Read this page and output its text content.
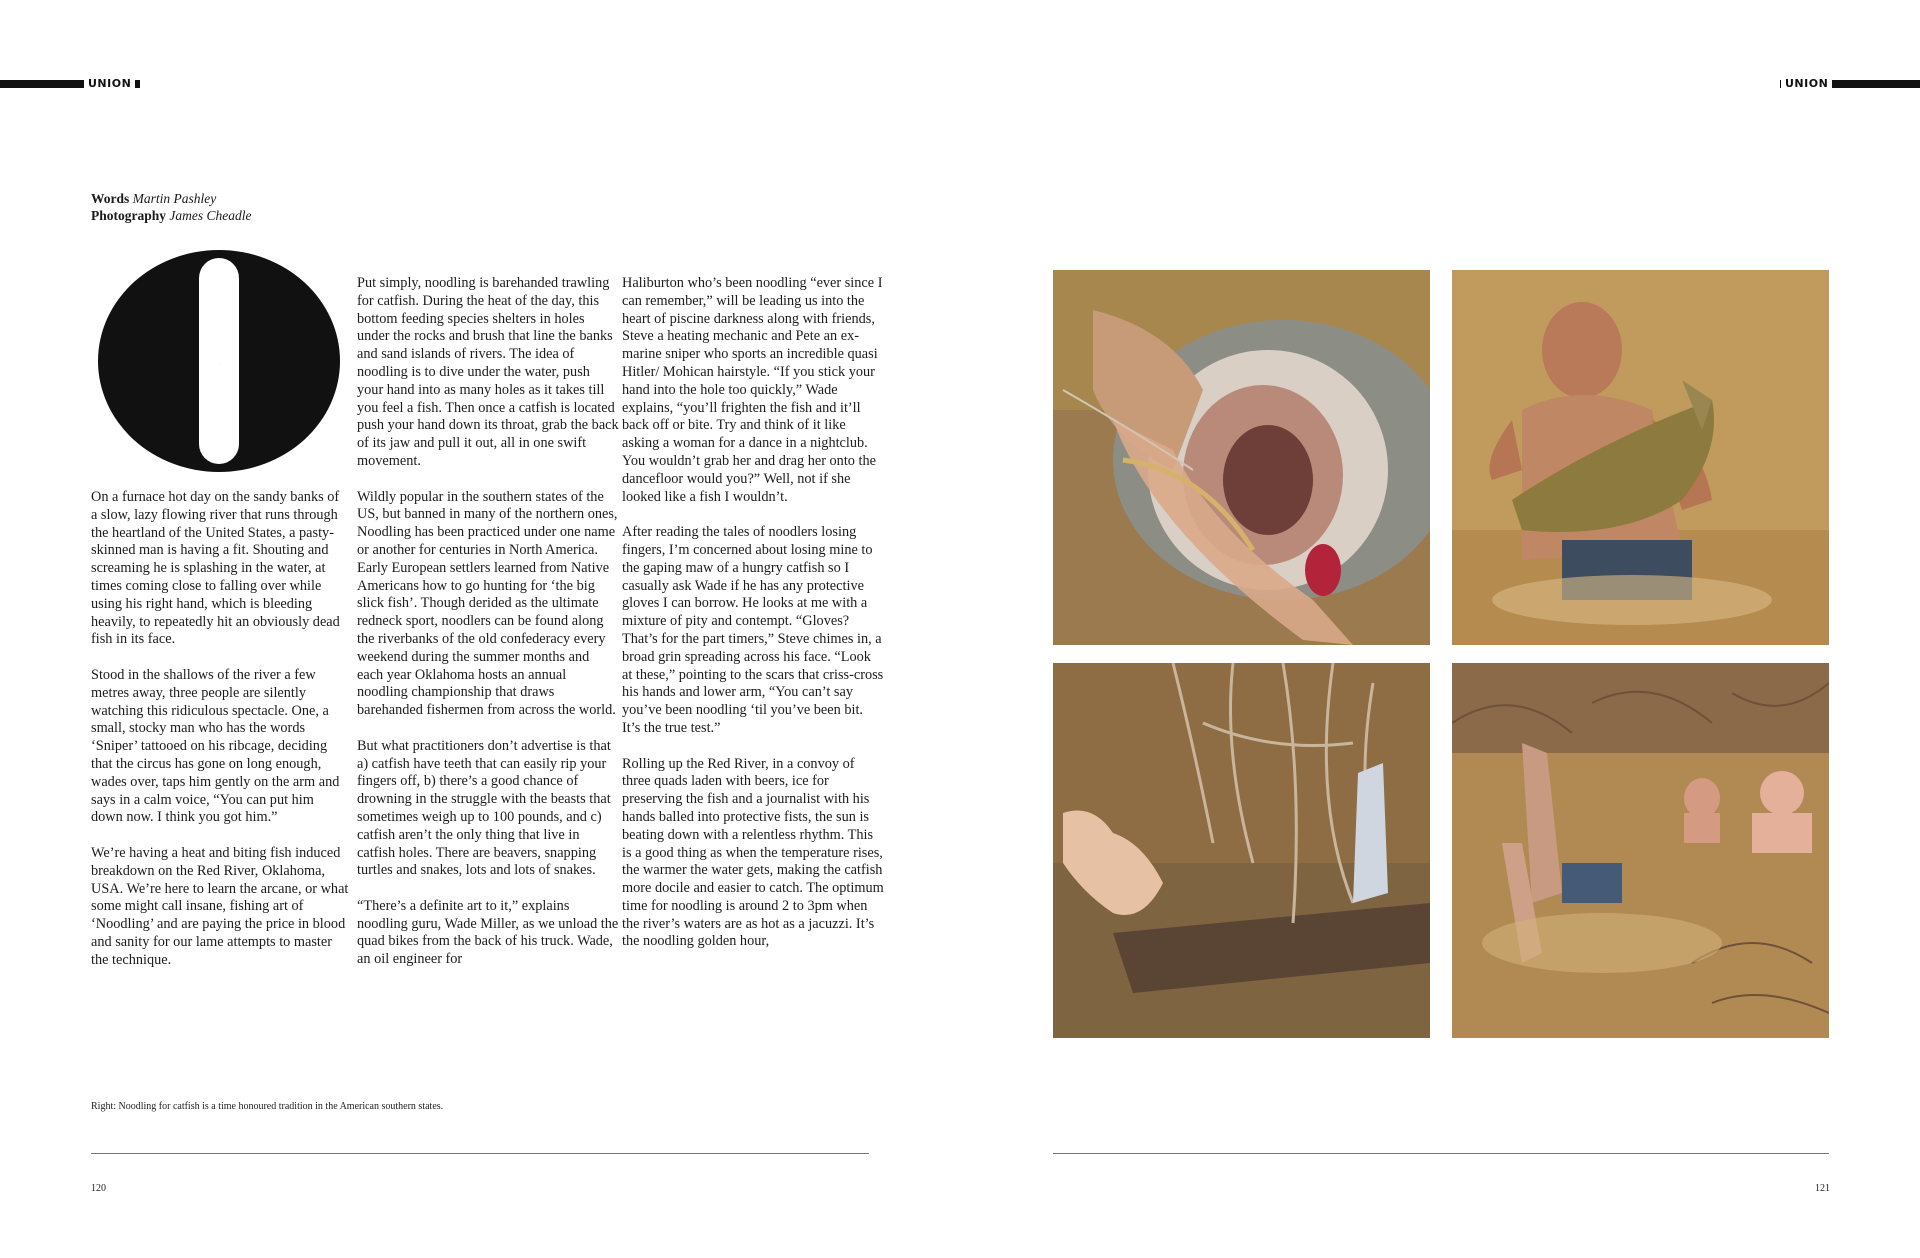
UNION
Words Martin Pashley
Photography James Cheadle
O

On a furnace hot day on the sandy banks of a slow, lazy flowing river that runs through the heartland of the United States, a pasty-skinned man is having a fit. Shouting and screaming he is splashing in the water, at times coming close to falling over while using his right hand, which is bleeding heavily, to repeatedly hit an obviously dead fish in its face.

Stood in the shallows of the river a few metres away, three people are silently watching this ridiculous spectacle. One, a small, stocky man who has the words ‘Sniper’ tattooed on his ribcage, deciding that the circus has gone on long enough, wades over, taps him gently on the arm and says in a calm voice, “You can put him down now. I think you got him.”

We’re having a heat and biting fish induced breakdown on the Red River, Oklahoma, USA. We’re here to learn the arcane, or what some might call insane, fishing art of ‘Noodling’ and are paying the price in blood and sanity for our lame attempts to master the technique.

Put simply, noodling is barehanded trawling for catfish. During the heat of the day, this bottom feeding species shelters in holes under the rocks and brush that line the banks and sand islands of rivers. The idea of noodling is to dive under the water, push your hand into as many holes as it takes till you feel a fish. Then once a catfish is located push your hand down its throat, grab the back of its jaw and pull it out, all in one swift movement.

Wildly popular in the southern states of the US, but banned in many of the northern ones, Noodling has been practiced under one name or another for centuries in North America. Early European settlers learned from Native Americans how to go hunting for ‘the big slick fish’. Though derided as the ultimate redneck sport, noodlers can be found along the riverbanks of the old confederacy every weekend during the summer months and each year Oklahoma hosts an annual noodling championship that draws barehanded fishermen from across the world.

But what practitioners don’t advertise is that a) catfish have teeth that can easily rip your fingers off, b) there’s a good chance of drowning in the struggle with the beasts that sometimes weigh up to 100 pounds, and c) catfish aren’t the only thing that live in catfish holes. There are beavers, snapping turtles and snakes, lots and lots of snakes.

“There’s a definite art to it,” explains noodling guru, Wade Miller, as we unload the quad bikes from the back of his truck. Wade, an oil engineer for

Haliburton who’s been noodling “ever since I can remember,” will be leading us into the heart of piscine darkness along with friends, Steve a heating mechanic and Pete an ex-marine sniper who sports an incredible quasi Hitler/ Mohican hairstyle. “If you stick your hand into the hole too quickly,” Wade explains, “you’ll frighten the fish and it’ll back off or bite. Try and think of it like asking a woman for a dance in a nightclub. You wouldn’t grab her and drag her onto the dancefloor would you?” Well, not if she looked like a fish I wouldn’t.

After reading the tales of noodlers losing fingers, I’m concerned about losing mine to the gaping maw of a hungry catfish so I casually ask Wade if he has any protective gloves I can borrow. He looks at me with a mixture of pity and contempt. “Gloves? That’s for the part timers,” Steve chimes in, a broad grin spreading across his face. “Look at these,” pointing to the scars that criss-cross his hands and lower arm, “You can’t say you’ve been noodling ‘til you’ve been bit. It’s the true test.”

Rolling up the Red River, in a convoy of three quads laden with beers, ice for preserving the fish and a journalist with his hands balled into protective fists, the sun is beating down with a relentless rhythm. This is a good thing as when the temperature rises, the warmer the water gets, making the catfish more docile and easier to catch. The optimum time for noodling is around 2 to 3pm when the river’s waters are as hot as a jacuzzi. It’s the noodling golden hour,

Right: Noodling for catfish is a time honoured tradition in the American southern states.
120
UNION
121
